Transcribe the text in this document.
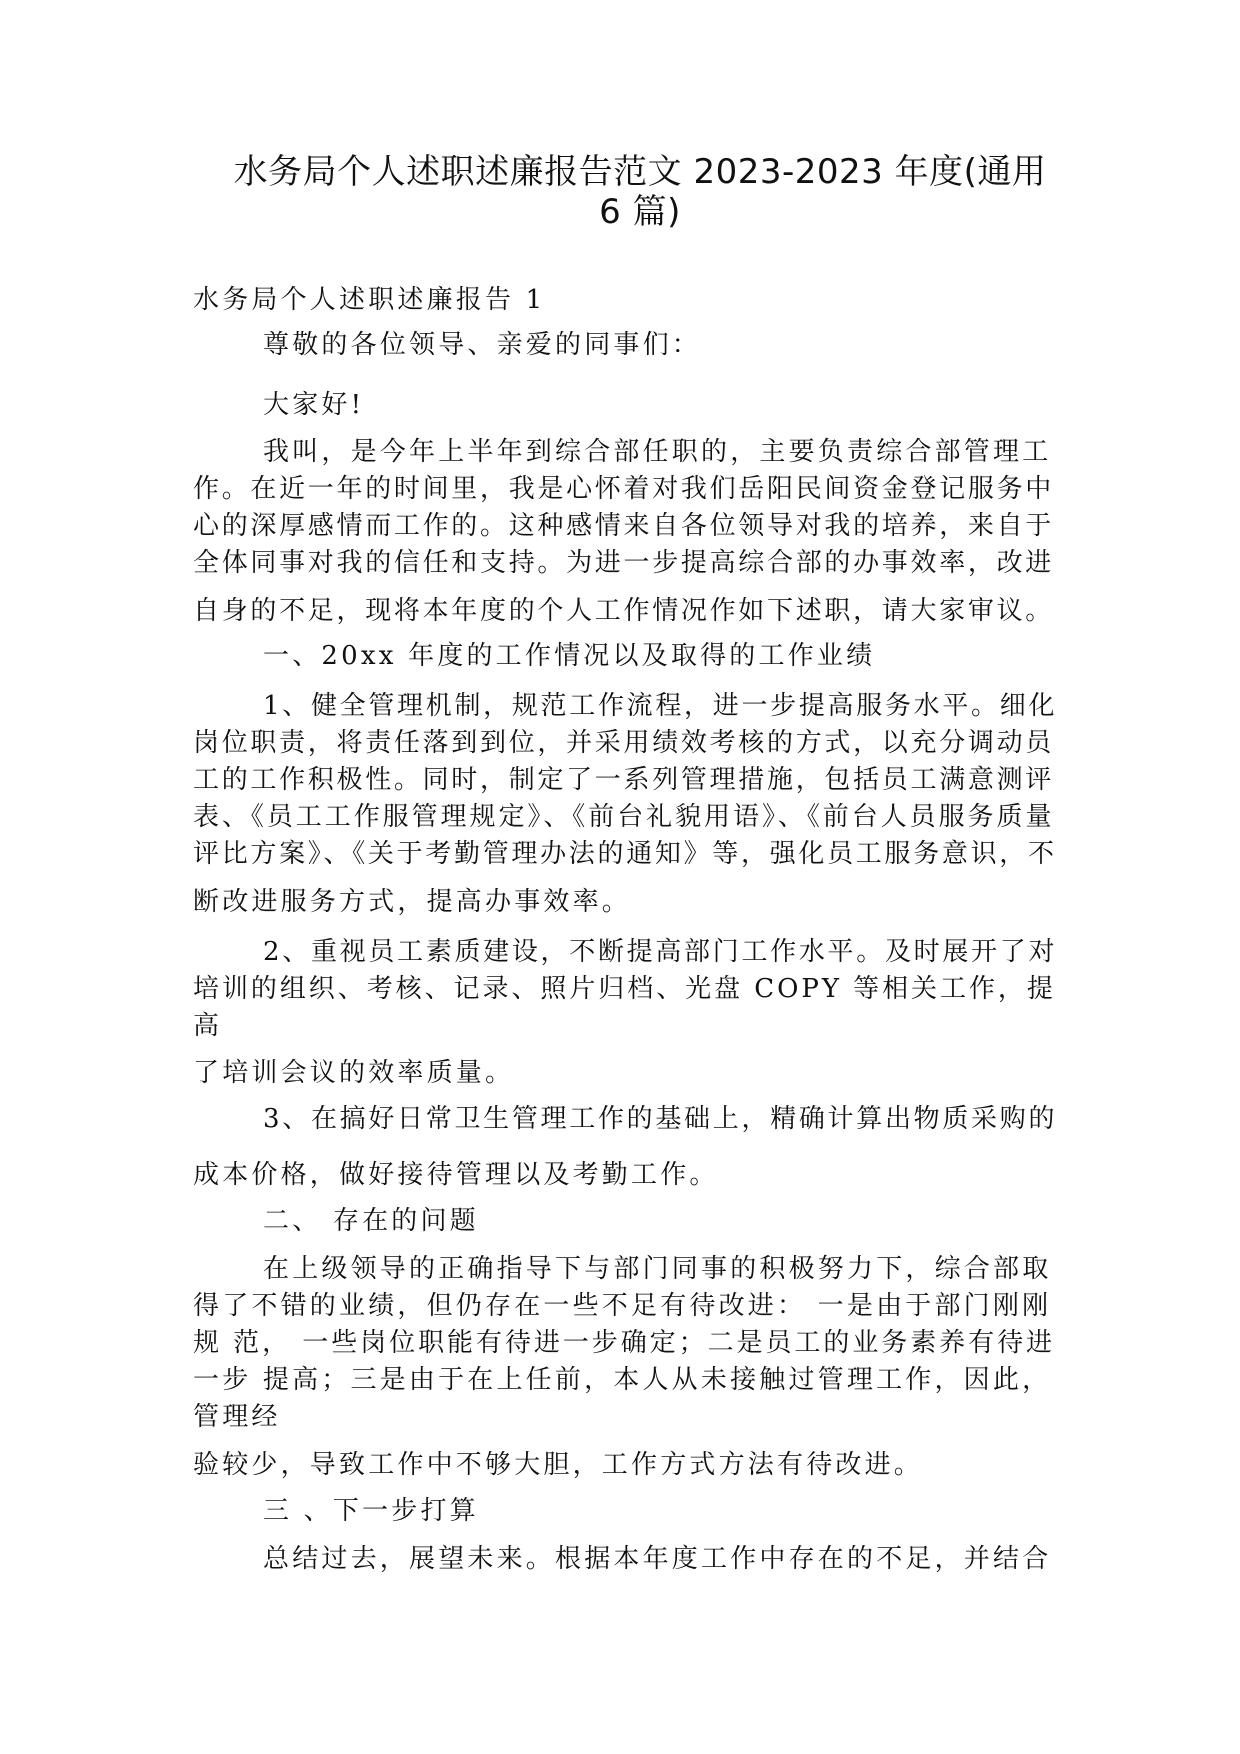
水务局个人述职述廉报告范文 2023-2023 年度(通用
6 篇)
水务局个人述职述廉报告 1
尊敬的各位领导、亲爱的同事们：
大家好!
我叫，是今年上半年到综合部任职的，主要负责综合部管理工
作。在近一年的时间里，我是心怀着对我们岳阳民间资金登记服务中
心的深厚感情而工作的。这种感情来自各位领导对我的培养，来自于
全体同事对我的信任和支持。为进一步提高综合部的办事效率，改进
自身的不足，现将本年度的个人工作情况作如下述职，请大家审议。
一、20xx 年度的工作情况以及取得的工作业绩
1、健全管理机制，规范工作流程，进一步提高服务水平。细化
岗位职责，将责任落到到位，并采用绩效考核的方式，以充分调动员
工的工作积极性。同时，制定了一系列管理措施，包括员工满意测评
表、《员工工作服管理规定》、《前台礼貌用语》、《前台人员服务质量
评比方案》、《关于考勤管理办法的通知》等，强化员工服务意识，不
断改进服务方式，提高办事效率。
2、重视员工素质建设，不断提高部门工作水平。及时展开了对
培训的组织、考核、记录、照片归档、光盘 COPY 等相关工作，提
高
了培训会议的效率质量。
3、在搞好日常卫生管理工作的基础上，精确计算出物质采购的
成本价格，做好接待管理以及考勤工作。
二、 存在的问题
在上级领导的正确指导下与部门同事的积极努力下，综合部取
得了不错的业绩，但仍存在一些不足有待改进： 一是由于部门刚刚
规 范， 一些岗位职能有待进一步确定；二是员工的业务素养有待进
一步 提高；三是由于在上任前，本人从未接触过管理工作，因此，
管理经
验较少，导致工作中不够大胆，工作方式方法有待改进。
三 、下一步打算
总结过去，展望未来。根据本年度工作中存在的不足，并结合
